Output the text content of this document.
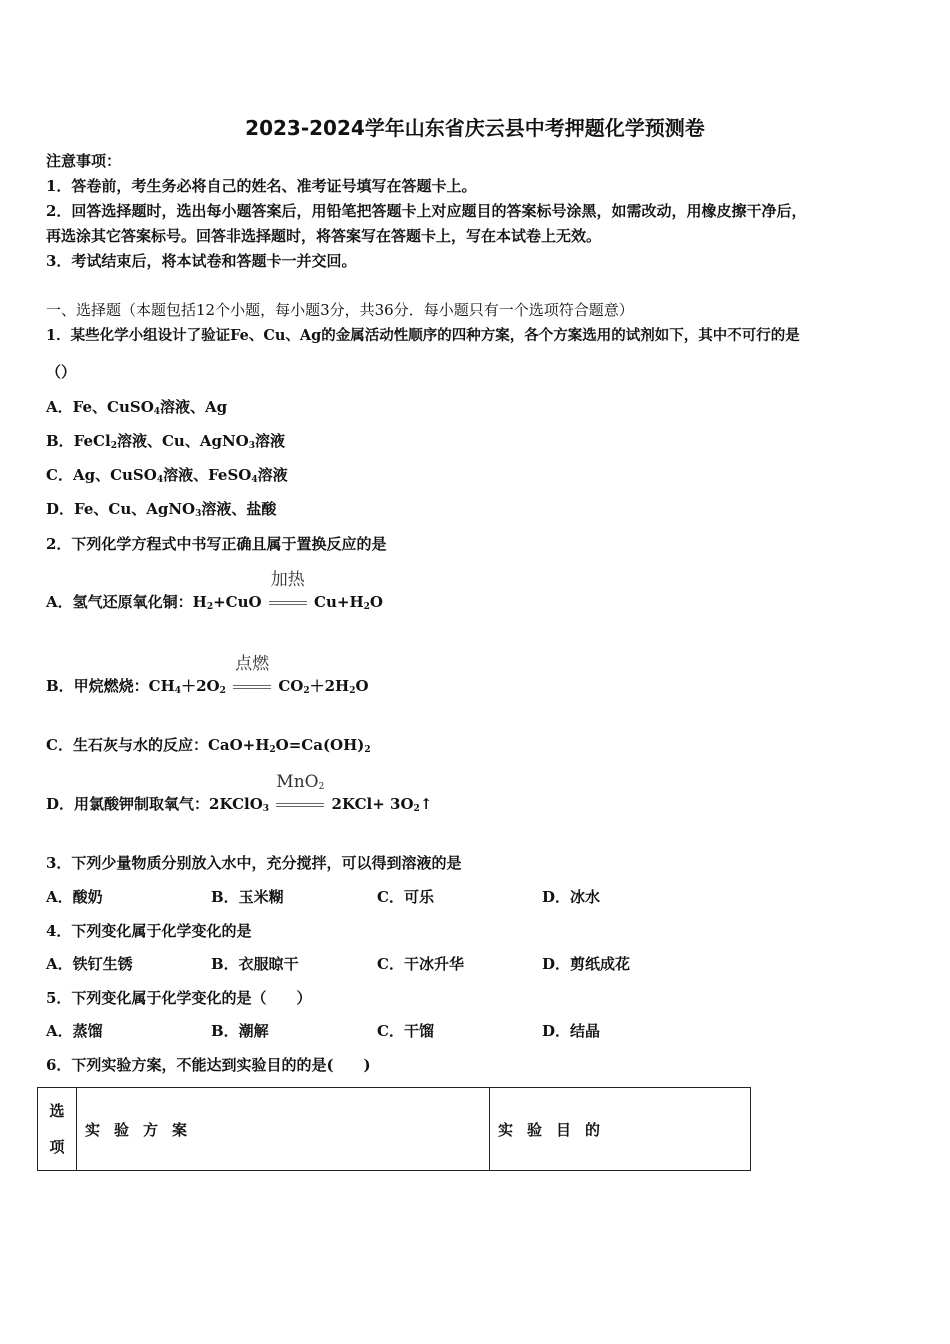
2023-2024学年山东省庆云县中考押题化学预测卷
注意事项：
1．答卷前，考生务必将自己的姓名、准考证号填写在答题卡上。
2．回答选择题时，选出每小题答案后，用铅笔把答题卡上对应题目的答案标号涂黑，如需改动，用橡皮擦干净后，
再选涂其它答案标号。回答非选择题时，将答案写在答题卡上，写在本试卷上无效。
3．考试结束后，将本试卷和答题卡一并交回。
一、选择题（本题包括12个小题，每小题3分，共36分．每小题只有一个选项符合题意）
1．某些化学小组设计了验证Fe、Cu、Ag的金属活动性顺序的四种方案，各个方案选用的试剂如下，其中不可行的是
（）
A．Fe、CuSO$_4$溶液、Ag
B．FeCl$_2$溶液、Cu、AgNO$_3$溶液
C．Ag、CuSO$_4$溶液、FeSO$_4$溶液
D．Fe、Cu、AgNO$_3$溶液、盐酸
2．下列化学方程式中书写正确且属于置换反应的是
A．氢气还原氧化铜：$H_2+CuO$
加热
$Cu+H_2O$
B．甲烷燃烧：$CH_4+2O_2$
点燃
$CO_2+2H_2O$
C．生石灰与水的反应：$CaO+H_2O=Ca(OH)_2$
D．用氯酸钾制取氧气：2KClO$_3$
MnO$_2$
$2KCl+ 3O_2↑$
3．下列少量物质分别放入水中，充分搅拌，可以得到溶液的是
A．酸奶	B．玉米糊	C．可乐	D．冰水
4．下列变化属于化学变化的是
A．铁钉生锈	B．衣服晾干	C．干冰升华	D．剪纸成花
5．下列变化属于化学变化的是（　　）
A．蒸馏	B．潮解	C．干馏	D．结晶
6．下列实验方案，不能达到实验目的的是(　　)
选
项
	实验方案	实验目的
